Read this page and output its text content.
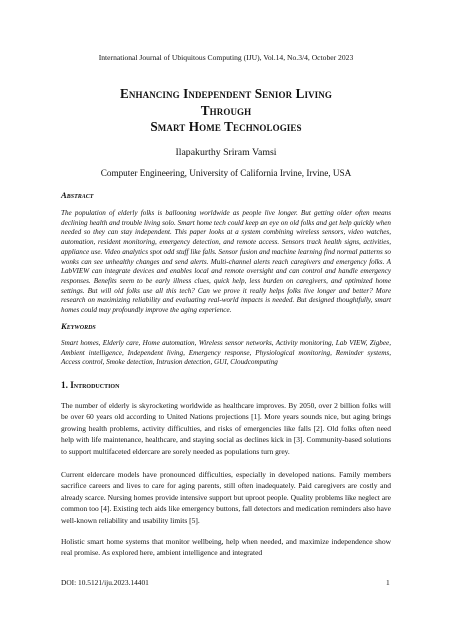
International Journal of Ubiquitous Computing (IJU), Vol.14, No.3/4, October 2023
Enhancing Independent Senior Living
Through
Smart Home Technologies
Ilapakurthy Sriram Vamsi
Computer Engineering, University of California Irvine, Irvine, USA
Abstract

The population of elderly folks is ballooning worldwide as people live longer. But getting older often means declining health and trouble living solo. Smart home tech could keep an eye on old folks and get help quickly when needed so they can stay independent. This paper looks at a system combining wireless sensors, video watches, automation, resident monitoring, emergency detection, and remote access. Sensors track health signs, activities, appliance use. Video analytics spot odd stuff like falls. Sensor fusion and machine learning find normal patterns so wonks can see unhealthy changes and send alerts. Multi-channel alerts reach caregivers and emergency folks. A LabVIEW can integrate devices and enables local and remote oversight and can control and handle emergency responses. Benefits seem to be early illness clues, quick help, less burden on caregivers, and optimized home settings. But will old folks use all this tech? Can we prove it really helps folks live longer and better? More research on maximizing reliability and evaluating real-world impacts is needed. But designed thoughtfully, smart homes could may profoundly improve the aging experience.

Keywords

Smart homes, Elderly care, Home automation, Wireless sensor networks, Activity monitoring, Lab VIEW, Zigbee, Ambient intelligence, Independent living, Emergency response, Physiological monitoring, Reminder systems, Access control, Smoke detection, Intrusion detection, GUI, Cloudcomputing

1. Introduction

The number of elderly is skyrocketing worldwide as healthcare improves. By 2050, over 2 billion folks will be over 60 years old according to United Nations projections [1]. More years sounds nice, but aging brings growing health problems, activity difficulties, and risks of emergencies like falls [2]. Old folks often need help with life maintenance, healthcare, and staying social as declines kick in [3]. Community-based solutions to support multifaceted eldercare are sorely needed as populations turn grey.

Current eldercare models have pronounced difficulties, especially in developed nations. Family members sacrifice careers and lives to care for aging parents, still often inadequately. Paid caregivers are costly and already scarce. Nursing homes provide intensive support but uproot people. Quality problems like neglect are common too [4]. Existing tech aids like emergency buttons, fall detectors and medication reminders also have well-known reliability and usability limits [5].

Holistic smart home systems that monitor wellbeing, help when needed, and maximize independence show real promise. As explored here, ambient intelligence and integrated

DOI: 10.5121/iju.2023.14401	1
